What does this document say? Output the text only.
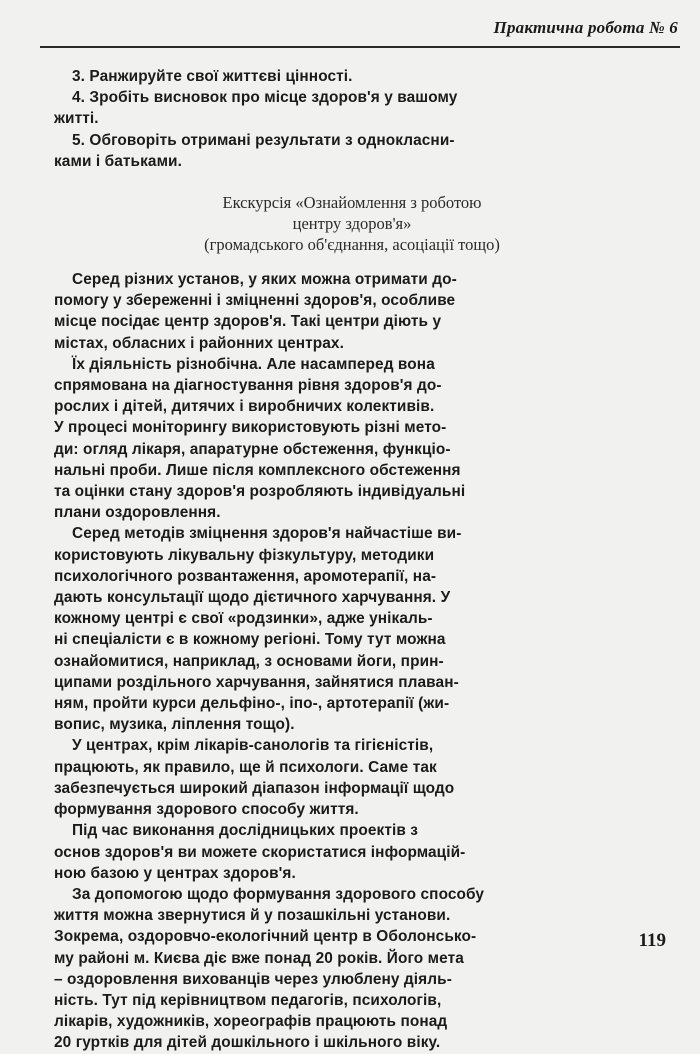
Практична робота № 6
3. Ранжируйте свої життєві цінності.
4. Зробіть висновок про місце здоров'я у вашому
житті.
5. Обговоріть отримані результати з однокласни-
ками і батьками.
Екскурсія «Ознайомлення з роботою
центру здоров'я»
(громадського об'єднання, асоціації тощо)
Серед різних установ, у яких можна отримати до-
помогу у збереженні і зміцненні здоров'я, особливе
місце посідає центр здоров'я. Такі центри діють у
містах, обласних і районних центрах.
Їх діяльність різнобічна. Але насамперед вона
спрямована на діагностування рівня здоров'я до-
рослих і дітей, дитячих і виробничих колективів.
У процесі моніторингу використовують різні мето-
ди: огляд лікаря, апаратурне обстеження, функціо-
нальні проби. Лише після комплексного обстеження
та оцінки стану здоров'я розробляють індивідуальні
плани оздоровлення.
Серед методів зміцнення здоров'я найчастіше ви-
користовують лікувальну фізкультуру, методики
психологічного розвантаження, аромотерапії, на-
дають консультації щодо дієтичного харчування. У
кожному центрі є свої «родзинки», адже унікаль-
ні спеціалісти є в кожному регіоні. Тому тут можна
ознайомитися, наприклад, з основами йоги, прин-
ципами роздільного харчування, зайнятися плаван-
ням, пройти курси дельфіно-, іпо-, артотерапії (жи-
вопис, музика, ліплення тощо).
У центрах, крім лікарів-санологів та гігієністів,
працюють, як правило, ще й психологи. Саме так
забезпечується широкий діапазон інформації щодо
формування здорового способу життя.
Під час виконання дослідницьких проектів з
основ здоров'я ви можете скористатися інформацій-
ною базою у центрах здоров'я.
За допомогою щодо формування здорового способу
життя можна звернутися й у позашкільні установи.
Зокрема, оздоровчо-екологічний центр в Оболонсько-
му районі м. Києва діє вже понад 20 років. Його мета
– оздоровлення вихованців через улюблену діяль-
ність. Тут під керівництвом педагогів, психологів,
лікарів, художників, хореографів працюють понад
20 гуртків для дітей дошкільного і шкільного віку.
119
